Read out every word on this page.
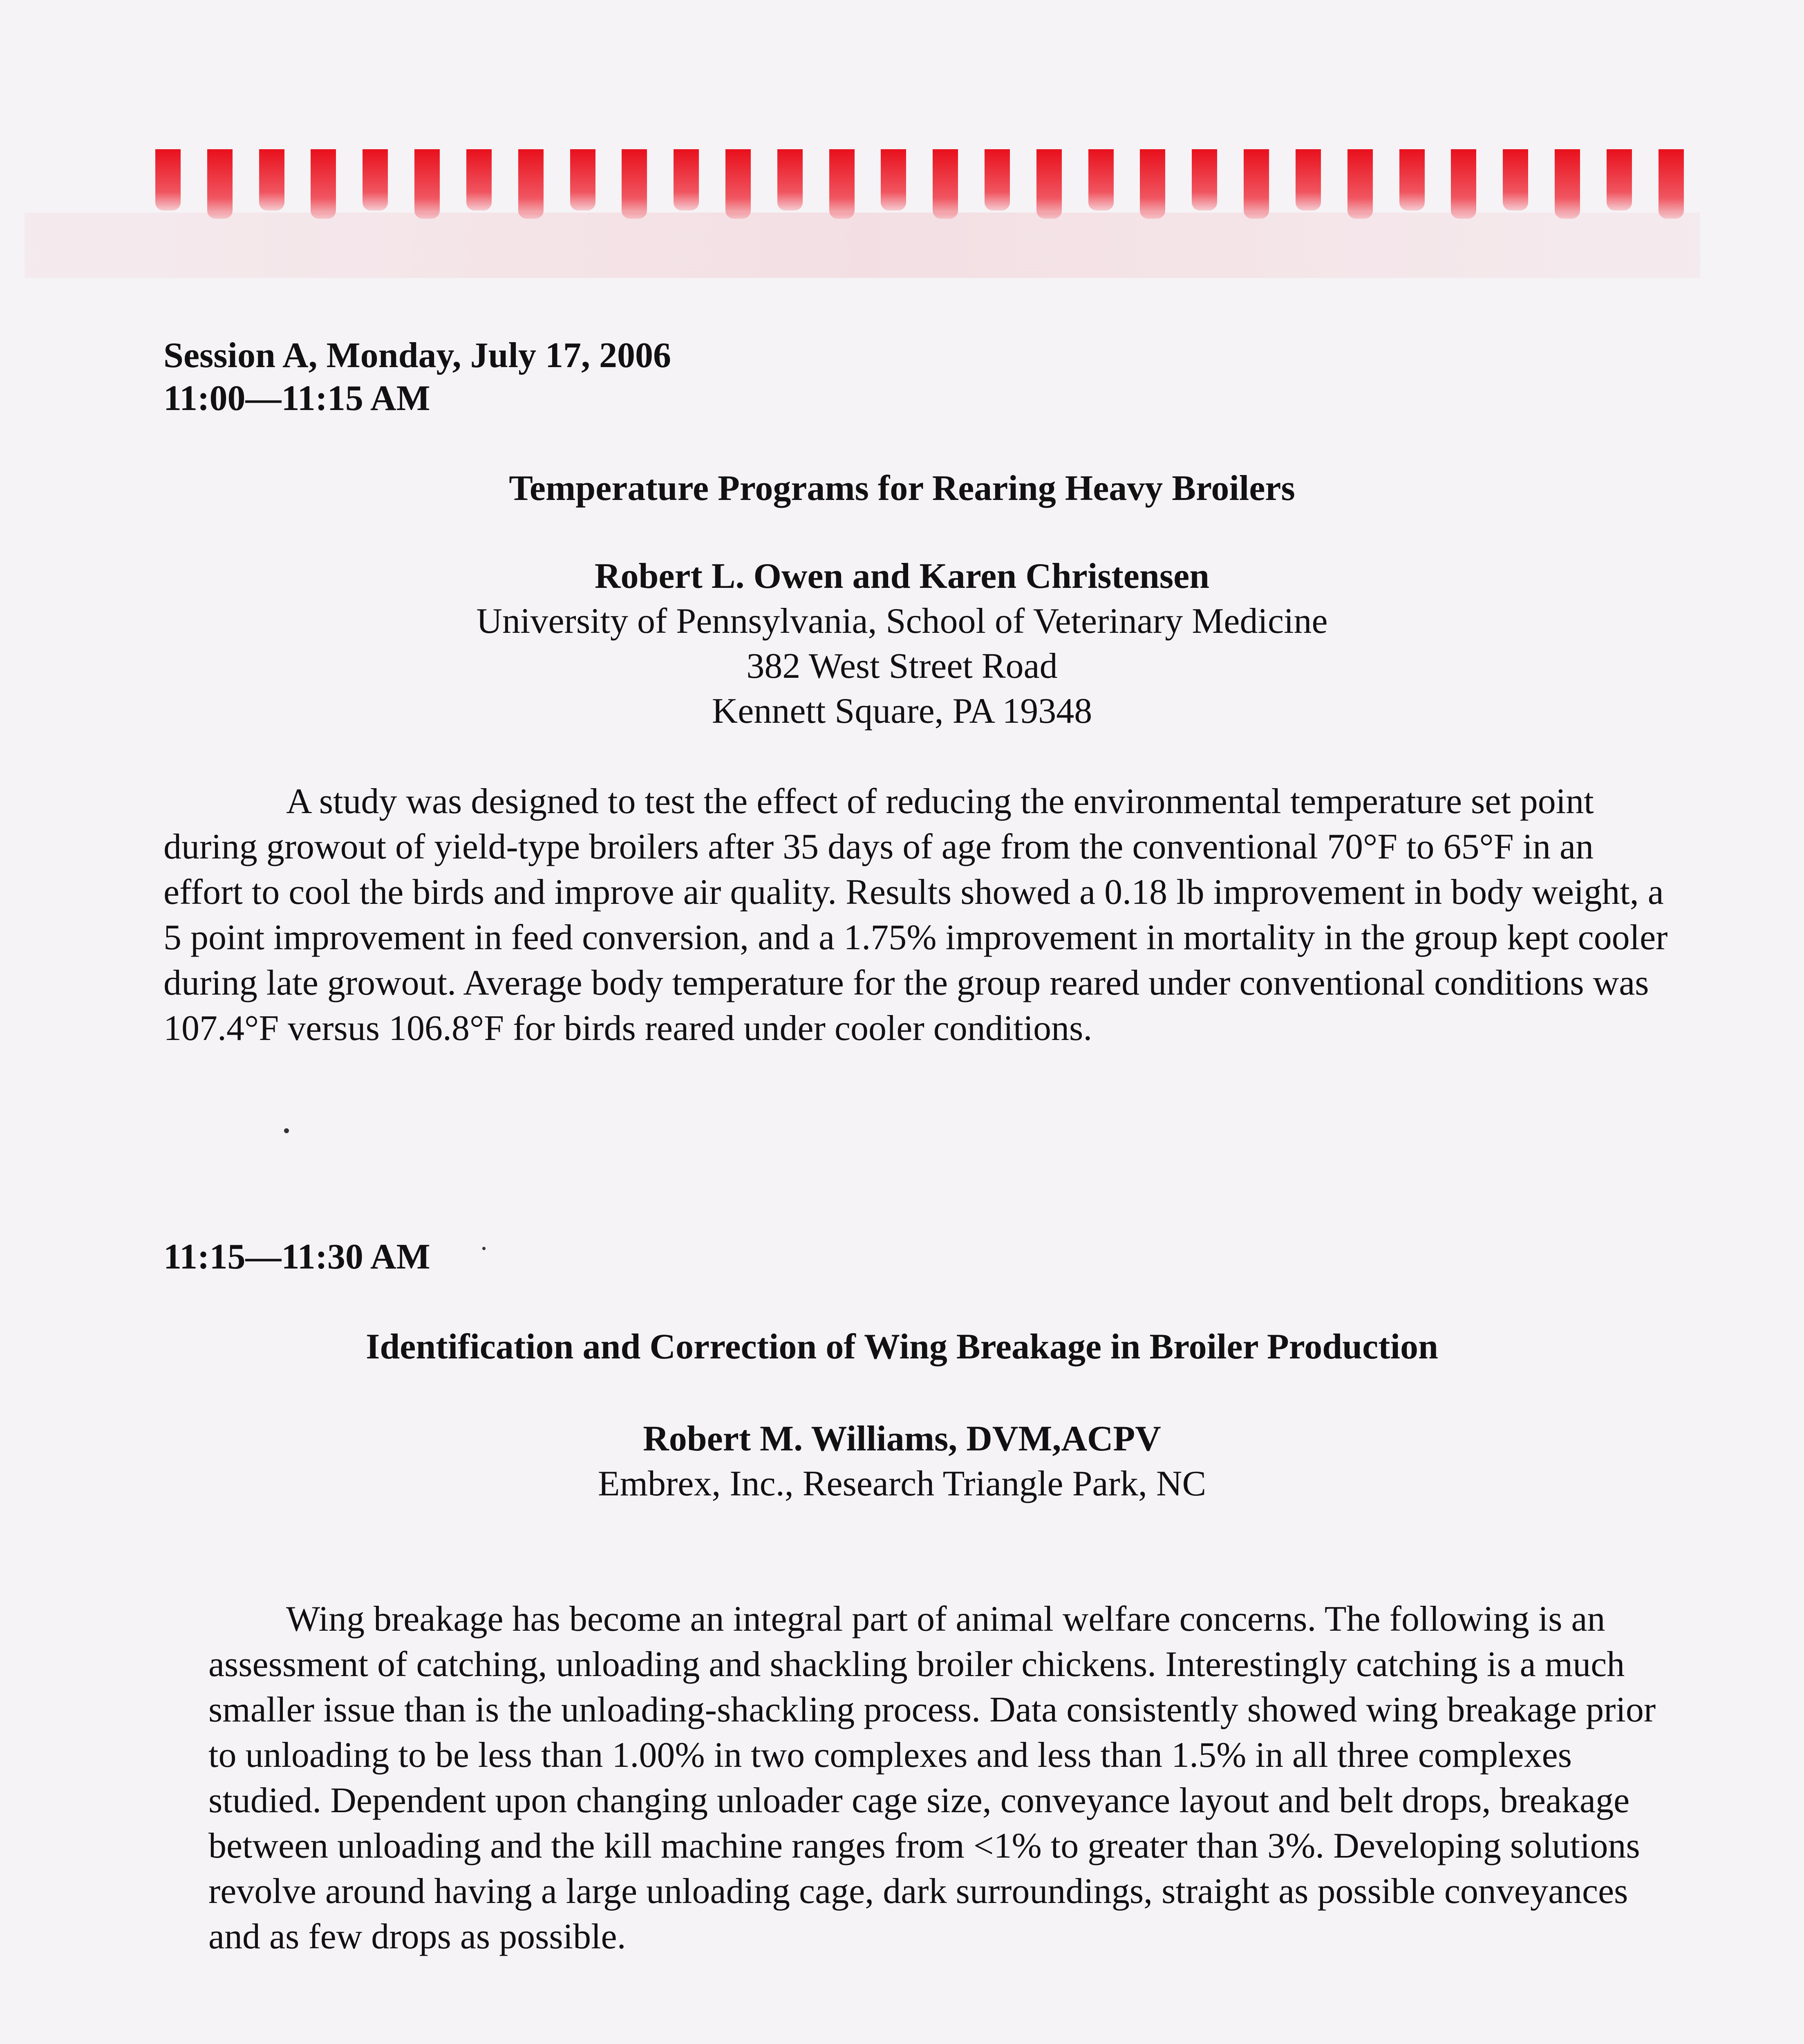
Session A, Monday, July 17, 2006
11:00—11:15 AM
Temperature Programs for Rearing Heavy Broilers
Robert L. Owen and Karen Christensen
University of Pennsylvania, School of Veterinary Medicine
382 West Street Road
Kennett Square, PA 19348
A study was designed to test the effect of reducing the environmental temperature set point during growout of yield-type broilers after 35 days of age from the conventional 70°F to 65°F in an effort to cool the birds and improve air quality. Results showed a 0.18 lb improvement in body weight, a 5 point improvement in feed conversion, and a 1.75% improvement in mortality in the group kept cooler during late growout. Average body temperature for the group reared under conventional conditions was 107.4°F versus 106.8°F for birds reared under cooler conditions.
11:15—11:30 AM
Identification and Correction of Wing Breakage in Broiler Production
Robert M. Williams, DVM,ACPV
Embrex, Inc., Research Triangle Park, NC
Wing breakage has become an integral part of animal welfare concerns. The following is an assessment of catching, unloading and shackling broiler chickens. Interestingly catching is a much smaller issue than is the unloading-shackling process. Data consistently showed wing breakage prior to unloading to be less than 1.00% in two complexes and less than 1.5% in all three complexes studied. Dependent upon changing unloader cage size, conveyance layout and belt drops, breakage between unloading and the kill machine ranges from <1% to greater than 3%. Developing solutions revolve around having a large unloading cage, dark surroundings, straight as possible conveyances and as few drops as possible.
